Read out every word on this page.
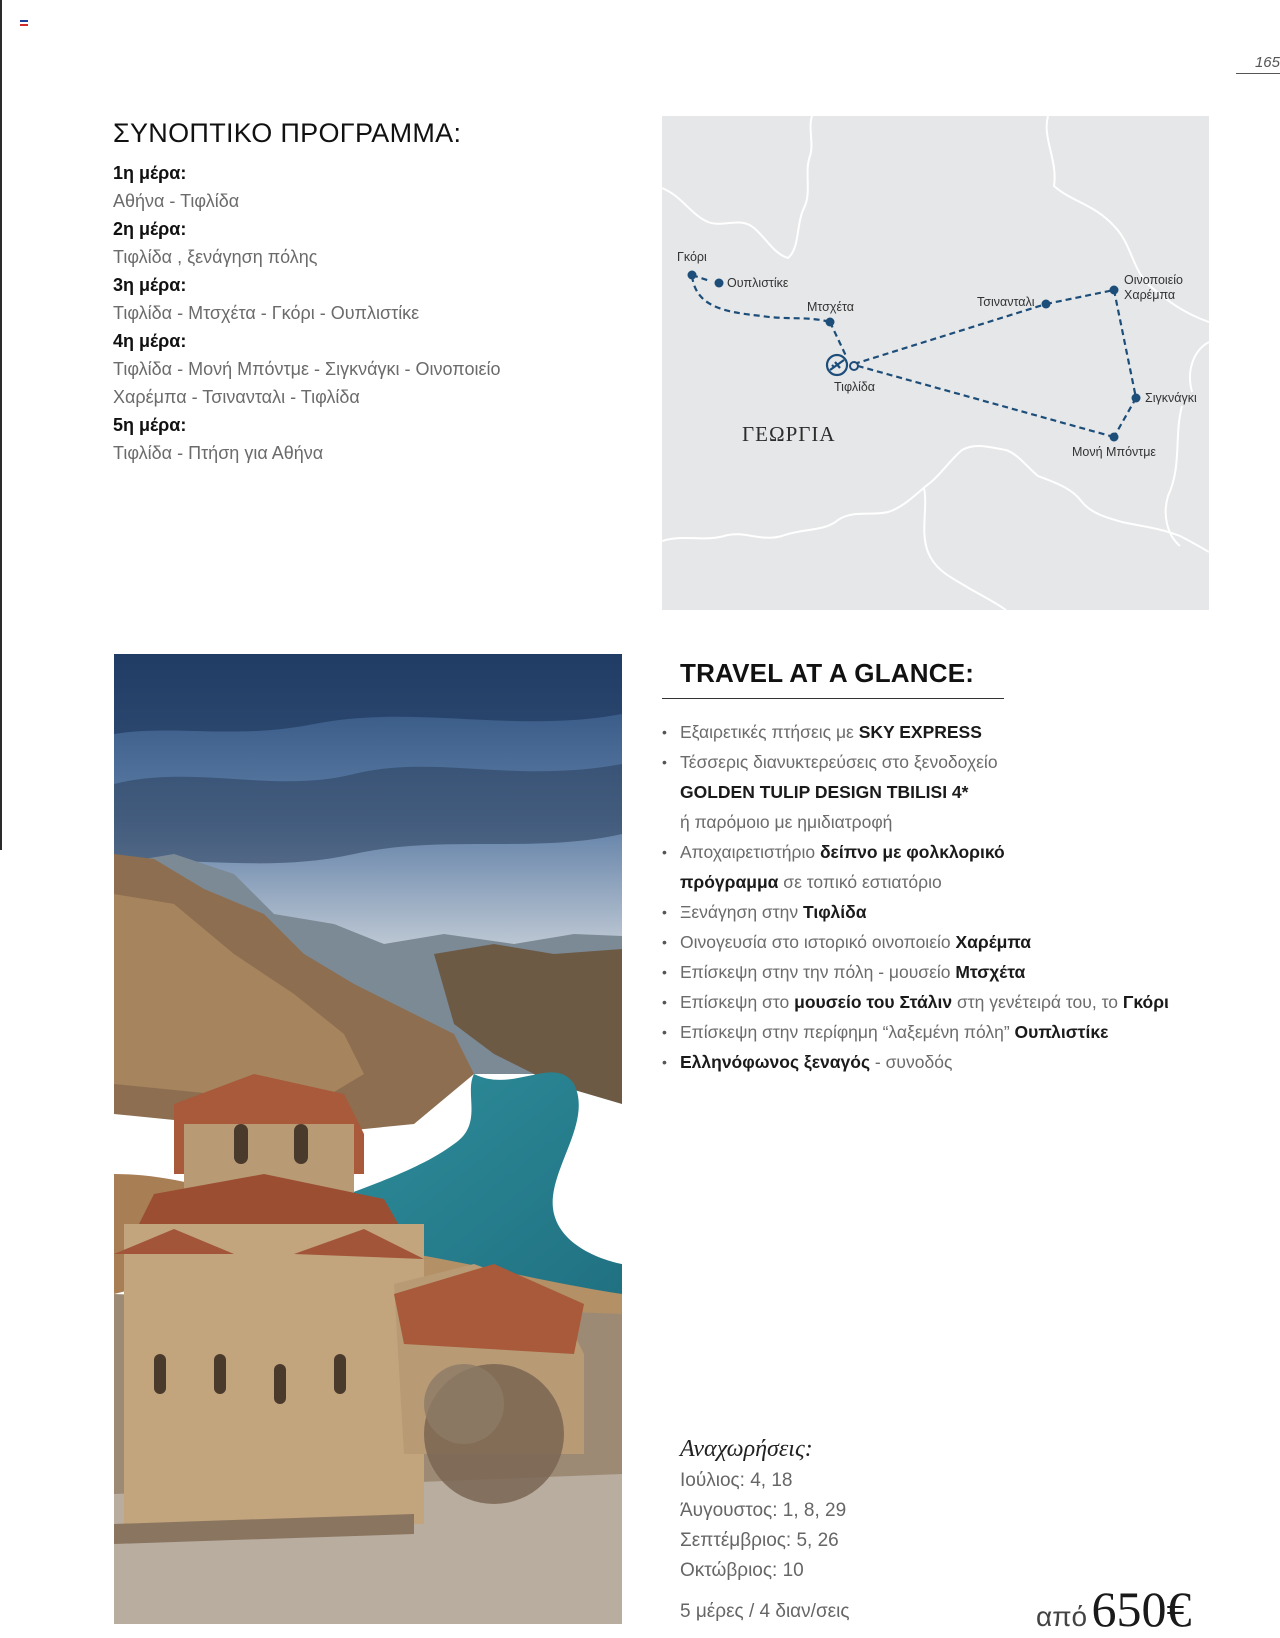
165
ΣΥΝΟΠΤΙΚΟ ΠΡΟΓΡΑΜΜΑ:
1η μέρα:
Αθήνα - Τιφλίδα
2η μέρα:
Τιφλίδα , ξενάγηση πόλης
3η μέρα:
Τιφλίδα - Μτσχέτα - Γκόρι - Ουπλιστίκε
4η μέρα:
Τιφλίδα - Μονή Μπόντμε - Σιγκνάγκι - Οινοποιείο
Χαρέμπα - Τσινανταλι - Τιφλίδα
5η μέρα:
Τιφλίδα - Πτήση για Αθήνα
Γκόρι
Ουπλιστίκε
Μτσχέτα
Τιφλίδα
Τσινανταλι
Οινοποιείο
Χαρέμπα
Σιγκνάγκι
Μονή Μπόντμε
ΓΕΩΡΓΙΑ
TRAVEL AT A GLANCE:
• Εξαιρετικές πτήσεις με SKY EXPRESS
• Τέσσερις διανυκτερεύσεις στο ξενοδοχείο
GOLDEN TULIP DESIGN TBILISI 4*
ή παρόμοιο με ημιδιατροφή
• Αποχαιρετιστήριο δείπνο με φολκλορικό
πρόγραμμα σε τοπικό εστιατόριο
• Ξενάγηση στην Τιφλίδα
• Οινογευσία στο ιστορικό οινοποιείο Χαρέμπα
• Επίσκεψη στην την πόλη - μουσείο Μτσχέτα
• Επίσκεψη στο μουσείο του Στάλιν στη γενέτειρά του, το Γκόρι
• Επίσκεψη στην περίφημη “λαξεμένη πόλη” Ουπλιστίκε
• Ελληνόφωνος ξεναγός - συνοδός
Αναχωρήσεις:
Ιούλιος: 4, 18
Άυγουστος: 1, 8, 29
Σεπτέμβριος: 5, 26
Οκτώβριος: 10
5 μέρες / 4 διαν/σεις	από 650€
